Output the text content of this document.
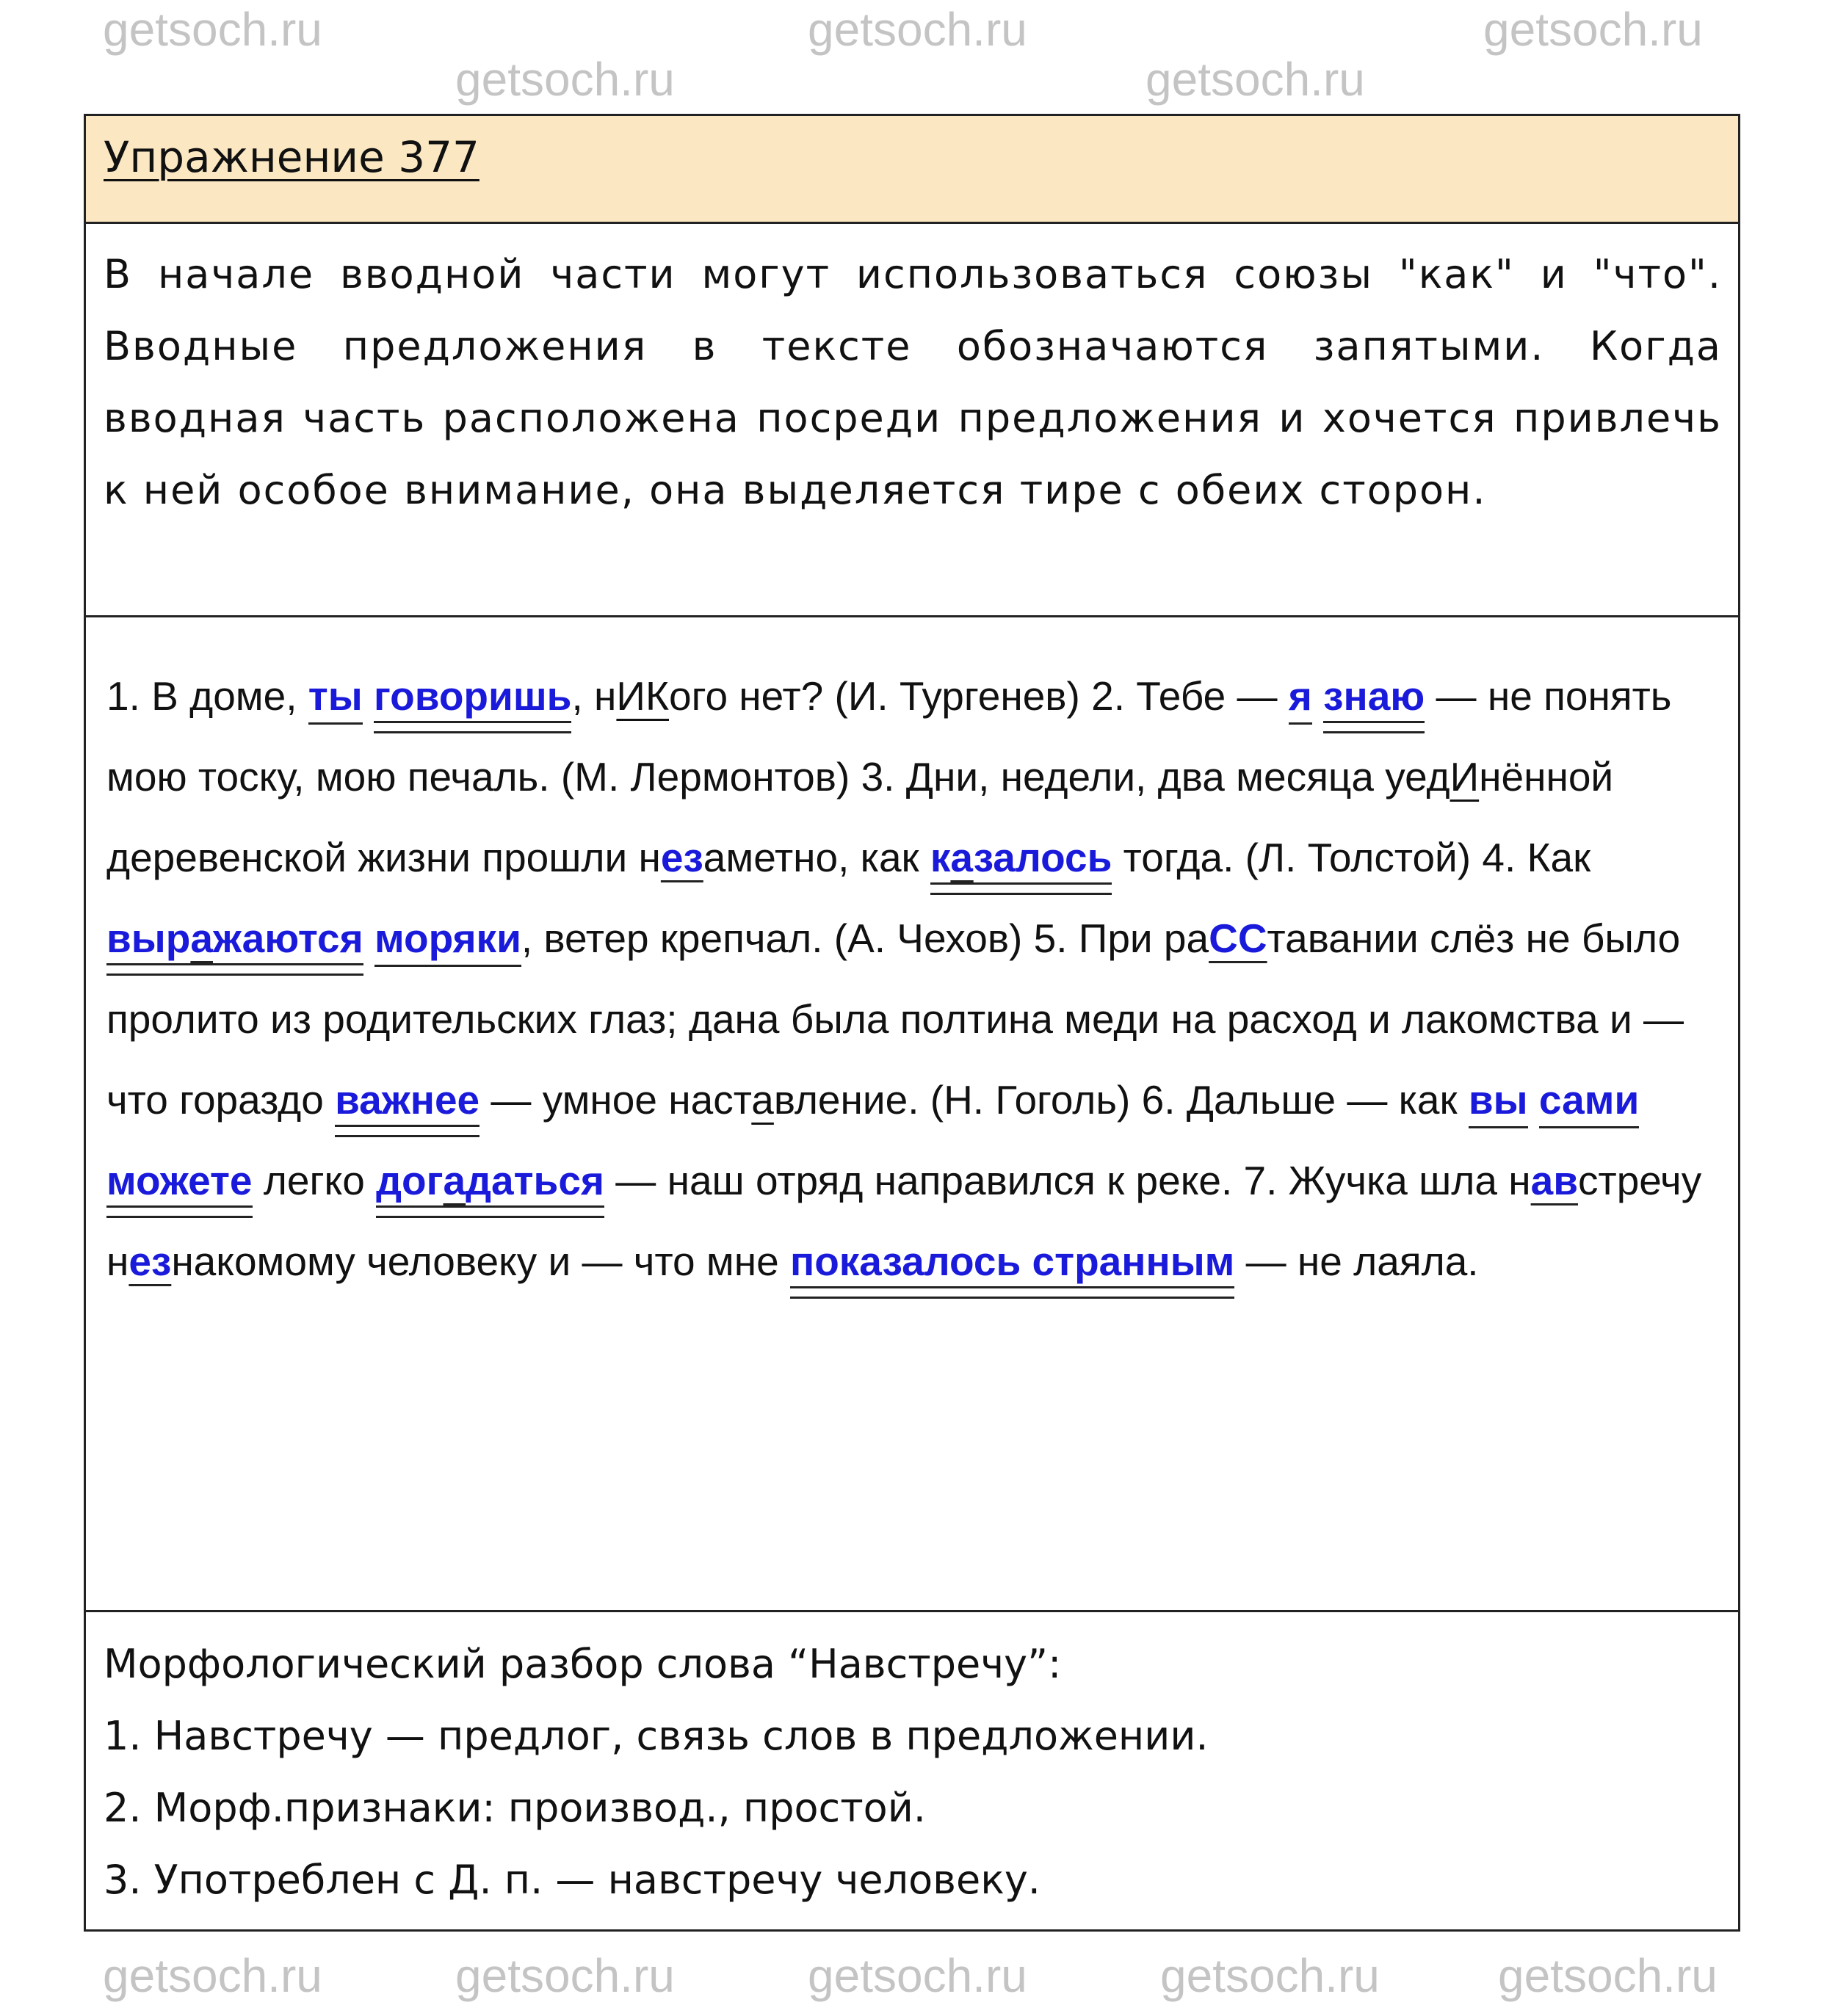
getsoch.ru
getsoch.ru
getsoch.ru
getsoch.ru
getsoch.ru
Упражнение 377
В начале вводной части могут использоваться союзы "как" и "что". Вводные предложения в тексте обозначаются запятыми. Когда вводная часть расположена посреди предложения и хочется привлечь к ней особое внимание, она выделяется тире с обеих сторон.
1. В доме, ты говоришь, нИКого нет? (И. Тургенев) 2. Тебе — я знаю — не понять мою тоску, мою печаль. (М. Лермонтов) 3. Дни, недели, два месяца уедИнённой деревенской жизни прошли незаметно, как казалось тогда. (Л. Толстой) 4. Как выражаются моряки, ветер крепчал. (А. Чехов) 5. При раССтавании слёз не было пролито из родительских глаз; дана была полтина меди на расход и лакомства и — что гораздо важнее — умное наставление. (Н. Гоголь) 6. Дальше — как вы сами можете легко догадаться — наш отряд направился к реке. 7. Жучка шла навстречу незнакомому человеку и — что мне показалось странным — не лаяла.
Морфологический разбор слова “Навстречу”:
1. Навстречу — предлог, связь слов в предложении.
2. Морф.признаки: производ., простой.
3. Употреблен с Д. п. — навстречу человеку.
getsoch.ru	getsoch.ru	getsoch.ru	getsoch.ru	getsoch.ru
